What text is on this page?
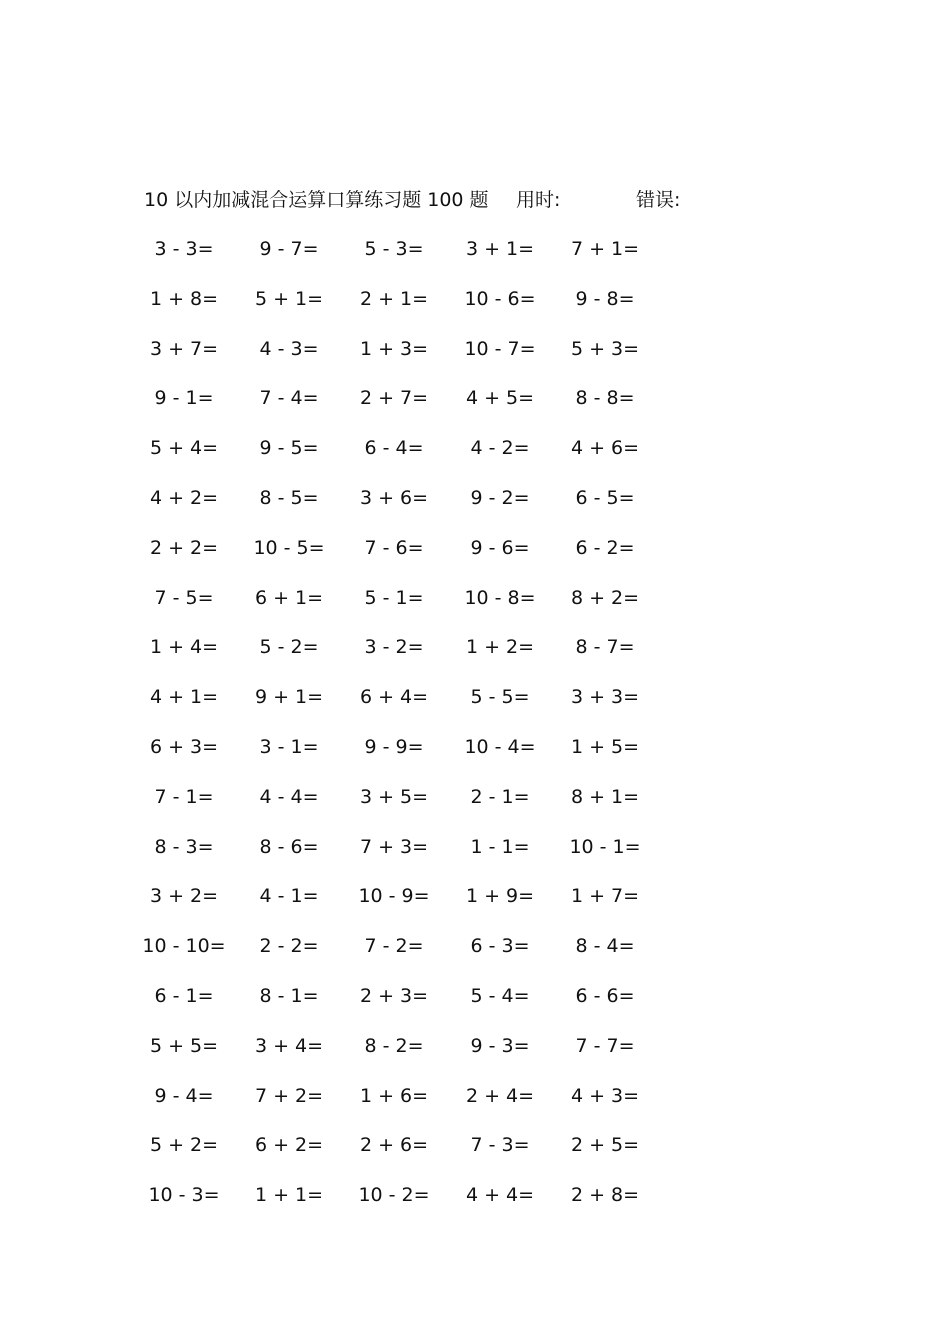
10 以内加减混合运算口算练习题 100 题 用时:	错误:
3 - 3=	9 - 7=	5 - 3=	3 + 1=	7 + 1=
1 + 8=	5 + 1=	2 + 1=	10 - 6=	9 - 8=
3 + 7=	4 - 3=	1 + 3=	10 - 7=	5 + 3=
9 - 1=	7 - 4=	2 + 7=	4 + 5=	8 - 8=
5 + 4=	9 - 5=	6 - 4=	4 - 2=	4 + 6=
4 + 2=	8 - 5=	3 + 6=	9 - 2=	6 - 5=
2 + 2=	10 - 5=	7 - 6=	9 - 6=	6 - 2=
7 - 5=	6 + 1=	5 - 1=	10 - 8=	8 + 2=
1 + 4=	5 - 2=	3 - 2=	1 + 2=	8 - 7=
4 + 1=	9 + 1=	6 + 4=	5 - 5=	3 + 3=
6 + 3=	3 - 1=	9 - 9=	10 - 4=	1 + 5=
7 - 1=	4 - 4=	3 + 5=	2 - 1=	8 + 1=
8 - 3=	8 - 6=	7 + 3=	1 - 1=	10 - 1=
3 + 2=	4 - 1=	10 - 9=	1 + 9=	1 + 7=
10 - 10=	2 - 2=	7 - 2=	6 - 3=	8 - 4=
6 - 1=	8 - 1=	2 + 3=	5 - 4=	6 - 6=
5 + 5=	3 + 4=	8 - 2=	9 - 3=	7 - 7=
9 - 4=	7 + 2=	1 + 6=	2 + 4=	4 + 3=
5 + 2=	6 + 2=	2 + 6=	7 - 3=	2 + 5=
10 - 3=	1 + 1=	10 - 2=	4 + 4=	2 + 8=
